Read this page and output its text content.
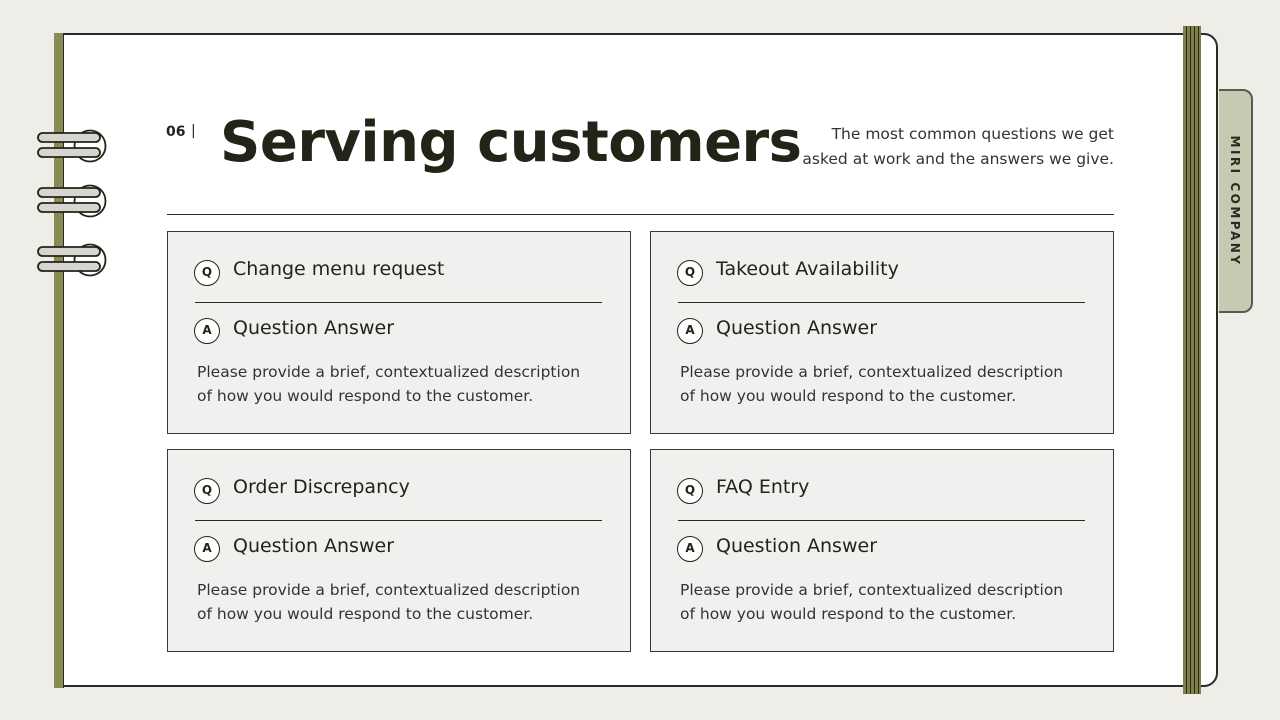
MIRI COMPANY
06 | Serving customers	The most common questions we get asked at work and the answers we give.
Q	Change menu request
A	Question Answer
Please provide a brief, contextualized description of how you would respond to the customer.
Q	Takeout Availability
A	Question Answer
Please provide a brief, contextualized description of how you would respond to the customer.
Q	Order Discrepancy
A	Question Answer
Please provide a brief, contextualized description of how you would respond to the customer.
Q	FAQ Entry
A	Question Answer
Please provide a brief, contextualized description of how you would respond to the customer.
